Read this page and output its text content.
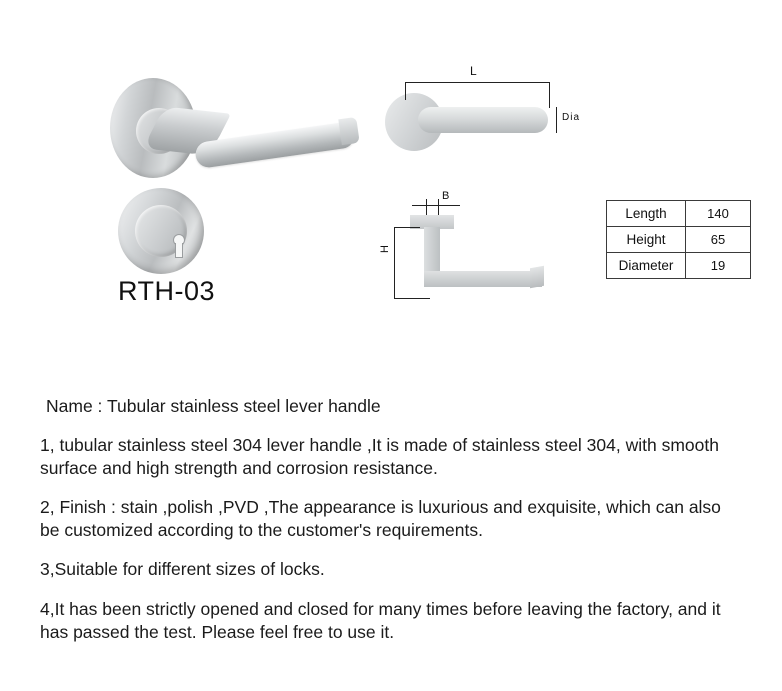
RTH-03
L
Dia
H
B
Length	140
Height	65
Diameter	19

Name : Tubular stainless steel lever handle

1, tubular stainless steel 304 lever handle ,It is made of stainless steel 304, with smooth surface and high strength and corrosion resistance.

2, Finish : stain ,polish ,PVD ,The appearance is luxurious and exquisite, which can also be customized according to the customer's requirements.

3,Suitable for different sizes of locks.

4,It has been strictly opened and closed for many times before leaving the factory, and it has passed the test. Please feel free to use it.
